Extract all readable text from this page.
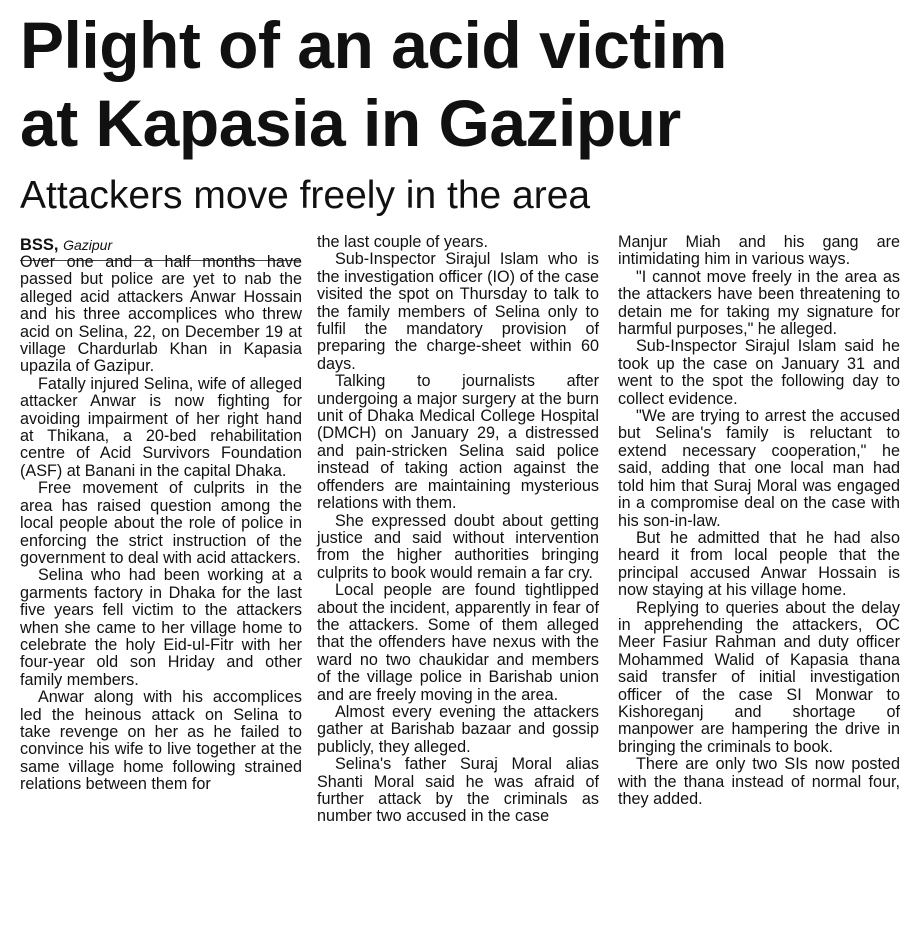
Plight of an acid victim
at Kapasia in Gazipur
Attackers move freely in the area

BSS, Gazipur

Over one and a half months have passed but police are yet to nab the alleged acid attackers Anwar Hossain and his three accomplices who threw acid on Selina, 22, on December 19 at village Chardurlab Khan in Kapasia upazila of Gazipur.

Fatally injured Selina, wife of alleged attacker Anwar is now fighting for avoiding impairment of her right hand at Thikana, a 20-bed rehabilitation centre of Acid Survivors Foundation (ASF) at Banani in the capital Dhaka.

Free movement of culprits in the area has raised question among the local people about the role of police in enforcing the strict instruction of the government to deal with acid attackers.

Selina who had been working at a garments factory in Dhaka for the last five years fell victim to the attackers when she came to her village home to celebrate the holy Eid-ul-Fitr with her four-year old son Hriday and other family members.

Anwar along with his accomplices led the heinous attack on Selina to take revenge on her as he failed to convince his wife to live together at the same village home following strained relations between them for

the last couple of years.

Sub-Inspector Sirajul Islam who is the investigation officer (IO) of the case visited the spot on Thursday to talk to the family members of Selina only to fulfil the mandatory provision of preparing the charge-sheet within 60 days.

Talking to journalists after undergoing a major surgery at the burn unit of Dhaka Medical College Hospital (DMCH) on January 29, a distressed and pain-stricken Selina said police instead of taking action against the offenders are maintaining mysterious relations with them.

She expressed doubt about getting justice and said without intervention from the higher authorities bringing culprits to book would remain a far cry.

Local people are found tightlipped about the incident, apparently in fear of the attackers. Some of them alleged that the offenders have nexus with the ward no two chaukidar and members of the village police in Barishab union and are freely moving in the area.

Almost every evening the attackers gather at Barishab bazaar and gossip publicly, they alleged.

Selina's father Suraj Moral alias Shanti Moral said he was afraid of further attack by the criminals as number two accused in the case

Manjur Miah and his gang are intimidating him in various ways.

"I cannot move freely in the area as the attackers have been threatening to detain me for taking my signature for harmful purposes," he alleged.

Sub-Inspector Sirajul Islam said he took up the case on January 31 and went to the spot the following day to collect evidence.

"We are trying to arrest the accused but Selina's family is reluctant to extend necessary cooperation," he said, adding that one local man had told him that Suraj Moral was engaged in a compromise deal on the case with his son-in-law.

But he admitted that he had also heard it from local people that the principal accused Anwar Hossain is now staying at his village home.

Replying to queries about the delay in apprehending the attackers, OC Meer Fasiur Rahman and duty officer Mohammed Walid of Kapasia thana said transfer of initial investigation officer of the case SI Monwar to Kishoreganj and shortage of manpower are hampering the drive in bringing the criminals to book.

There are only two SIs now posted with the thana instead of normal four, they added.
